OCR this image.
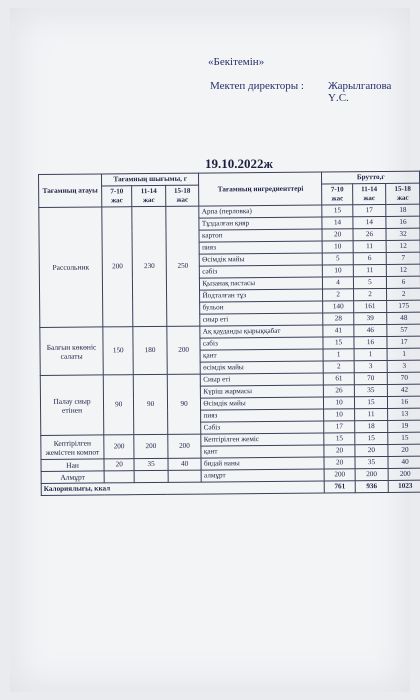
«Бекітемін»
Мектеп директоры : Жарылгапова Ү.С.
19.10.2022ж
Тағамның атауы	Тағамның шығымы, г			Тағамның ингредиенттері	Брутто,г		
	7-10 жас	11-14 жас	15-18 жас		7-10 жас	11-14 жас	15-18 жас
Рассольник	200	230	250	Арпа (перловка)	15	17	18
				Тұздалған қияр	14	14	16
				картоп	20	26	32
				пияз	10	11	12
				Өсімдік майы	5	6	7
				сәбіз	10	11	12
				Қызанақ пастасы	4	5	6
				Йодталған тұз	2	2	2
				бульон	140	161	175
				сиыр еті	28	39	48
Балғын көкөніс салаты	150	180	200	Ақ қауданды қырыққабат	41	46	57
				сәбіз	15	16	17
				қант	1	1	1
				өсімдік майы	2	3	3
Палау сиыр етінен	90	90	90	Сиыр еті	61	70	70
				Күріш жармасы	26	35	42
				Өсімдік майы	10	15	16
				пияз	10	11	13
				Сәбіз	17	18	19
Кептірілген жемістен компот	200	200	200	Кептірілген жеміс	15	15	15
				қант	20	20	20
Нан	20	35	40	бидай наны	20	35	40
Алмұрт				алмұрт	200	200	200
Калориялығы, ккал					761	936	1023
